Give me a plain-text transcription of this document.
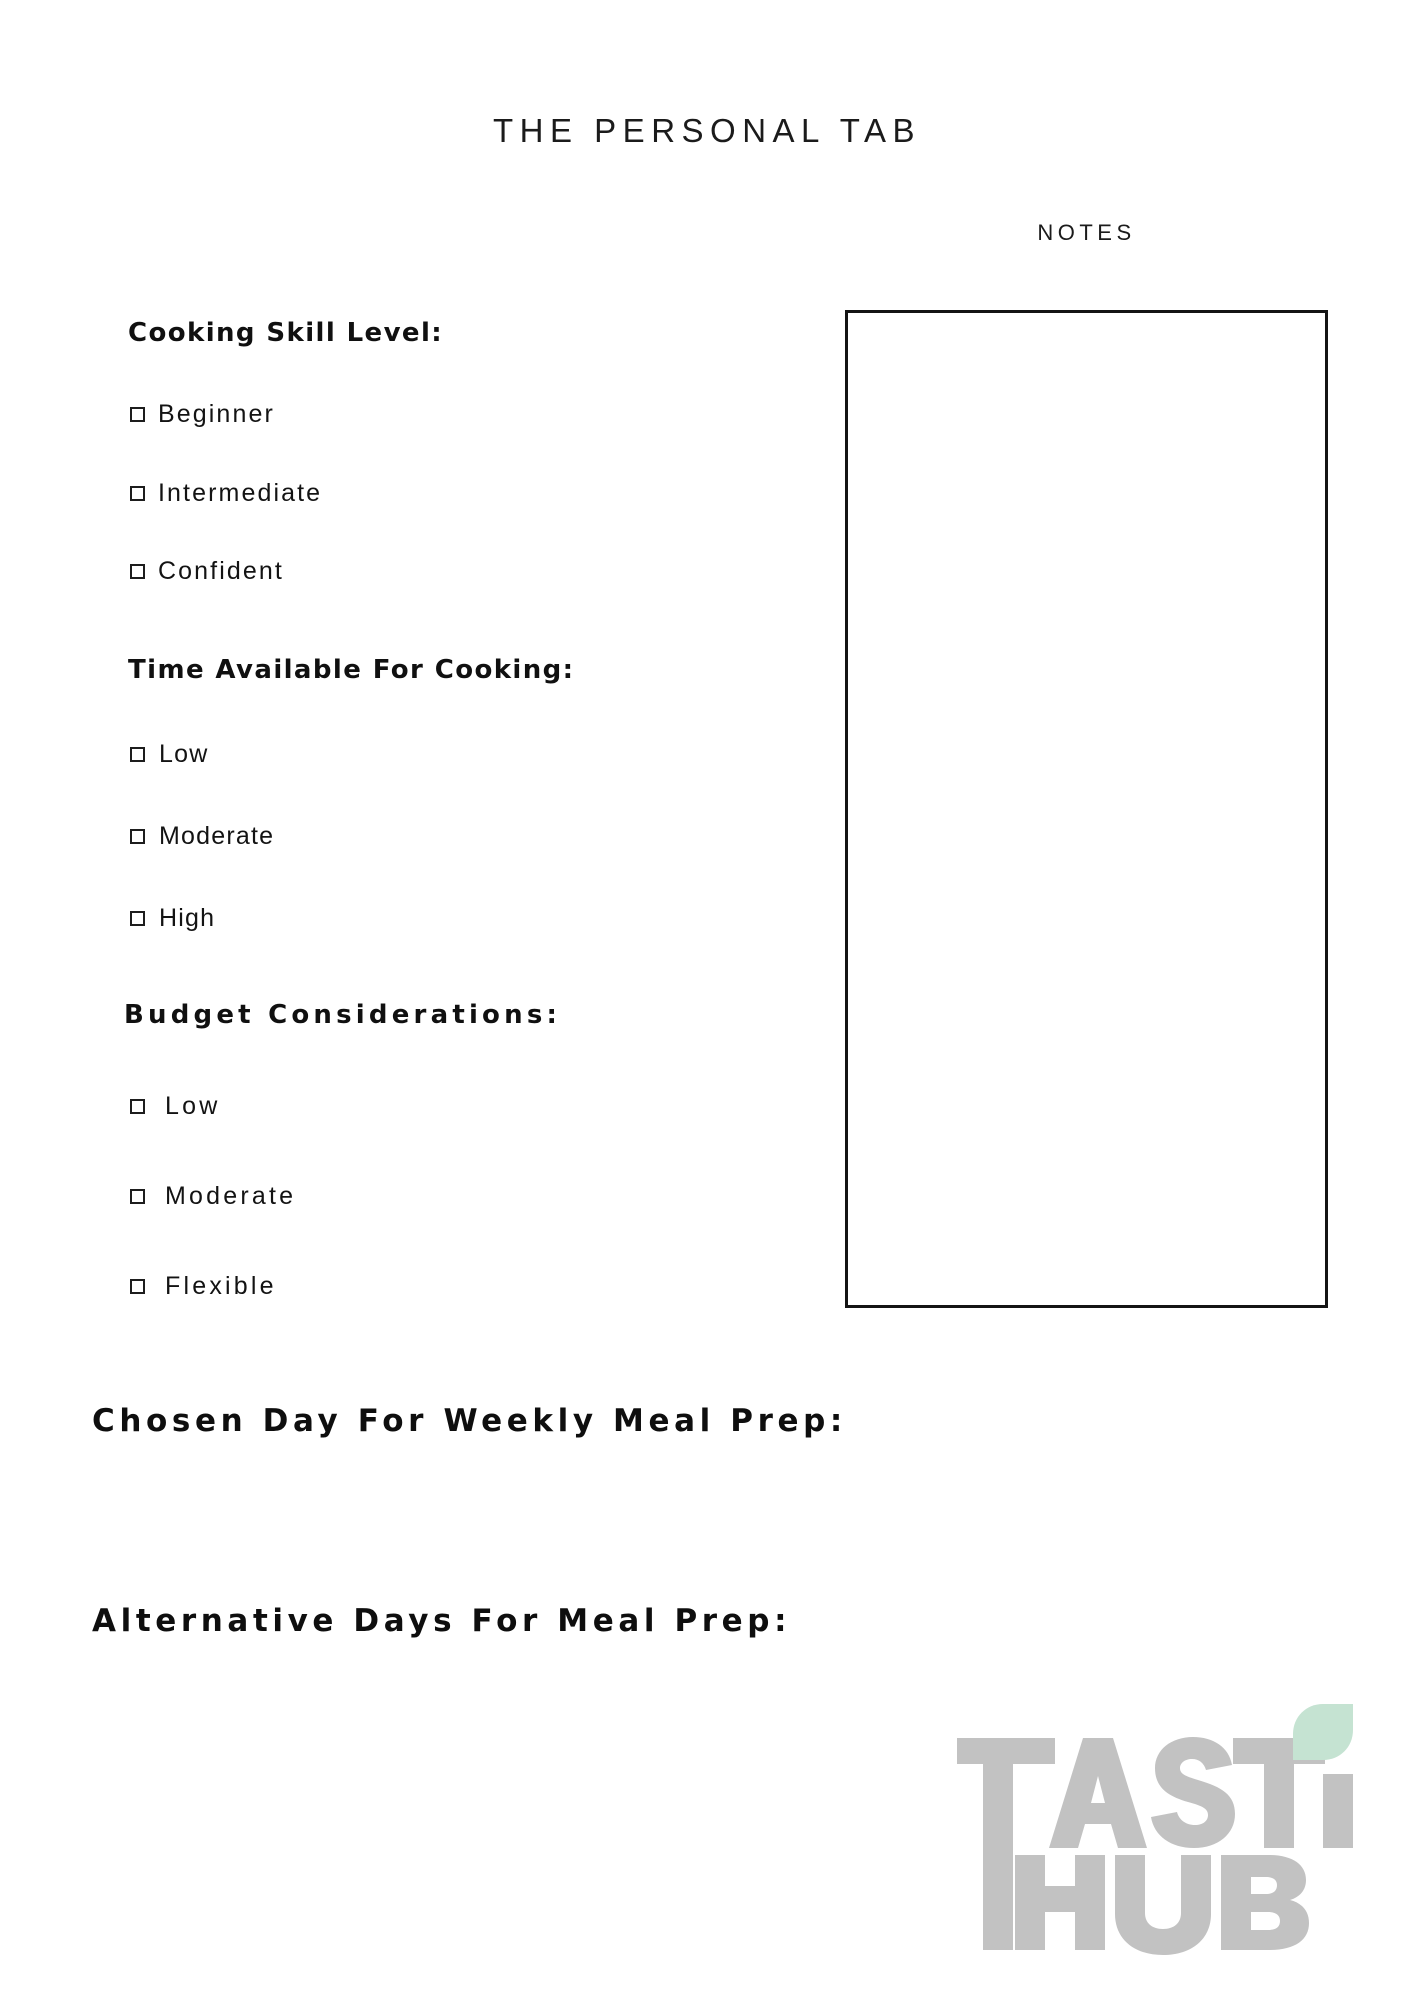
THE PERSONAL TAB
NOTES
Cooking Skill Level:
Beginner
Intermediate
Confident
Time Available For Cooking:
Low
Moderate
High
Budget Considerations:
Low
Moderate
Flexible
Chosen Day For Weekly Meal Prep:
Alternative Days For Meal Prep:
